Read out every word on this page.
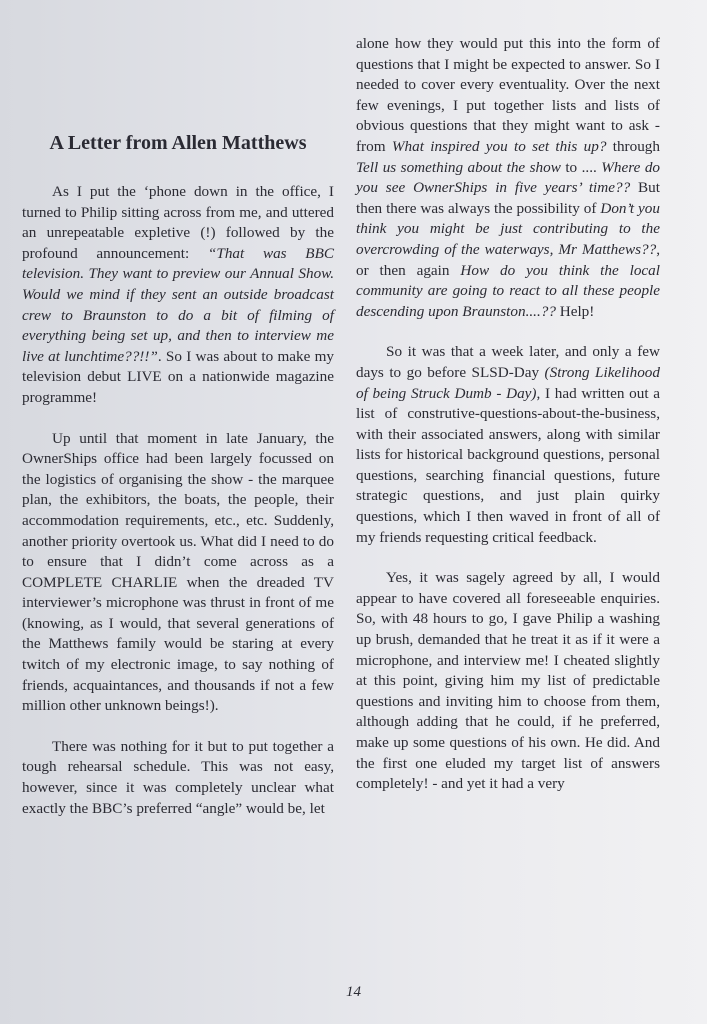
A Letter from Allen Matthews

As I put the ‘phone down in the office, I turned to Philip sitting across from me, and uttered an unrepeatable expletive (!) followed by the profound announcement: “That was BBC television. They want to preview our Annual Show. Would we mind if they sent an outside broadcast crew to Braunston to do a bit of filming of everything being set up, and then to interview me live at lunchtime??!!”. So I was about to make my television debut LIVE on a nationwide magazine programme!

Up until that moment in late January, the OwnerShips office had been largely focussed on the logistics of organising the show - the marquee plan, the exhibitors, the boats, the people, their accommodation requirements, etc., etc. Suddenly, another priority overtook us. What did I need to do to ensure that I didn’t come across as a COMPLETE CHARLIE when the dreaded TV interviewer’s microphone was thrust in front of me (knowing, as I would, that several generations of the Matthews family would be staring at every twitch of my electronic image, to say nothing of friends, acquaintances, and thousands if not a few million other unknown beings!).

There was nothing for it but to put together a tough rehearsal schedule. This was not easy, however, since it was completely unclear what exactly the BBC’s preferred “angle” would be, let

alone how they would put this into the form of questions that I might be expected to answer. So I needed to cover every eventuality. Over the next few evenings, I put together lists and lists of obvious questions that they might want to ask - from What inspired you to set this up? through Tell us something about the show to .... Where do you see OwnerShips in five years’ time?? But then there was always the possibility of Don’t you think you might be just contributing to the overcrowding of the waterways, Mr Matthews??, or then again How do you think the local community are going to react to all these people descending upon Braunston....?? Help!

So it was that a week later, and only a few days to go before SLSD-Day (Strong Likelihood of being Struck Dumb - Day), I had written out a list of construtive-questions-about-the-business, with their associated answers, along with similar lists for historical background questions, personal questions, searching financial questions, future strategic questions, and just plain quirky questions, which I then waved in front of all of my friends requesting critical feedback.

Yes, it was sagely agreed by all, I would appear to have covered all foreseeable enquiries. So, with 48 hours to go, I gave Philip a washing up brush, demanded that he treat it as if it were a microphone, and interview me! I cheated slightly at this point, giving him my list of predictable questions and inviting him to choose from them, although adding that he could, if he preferred, make up some questions of his own. He did. And the first one eluded my target list of answers completely! - and yet it had a very

14
